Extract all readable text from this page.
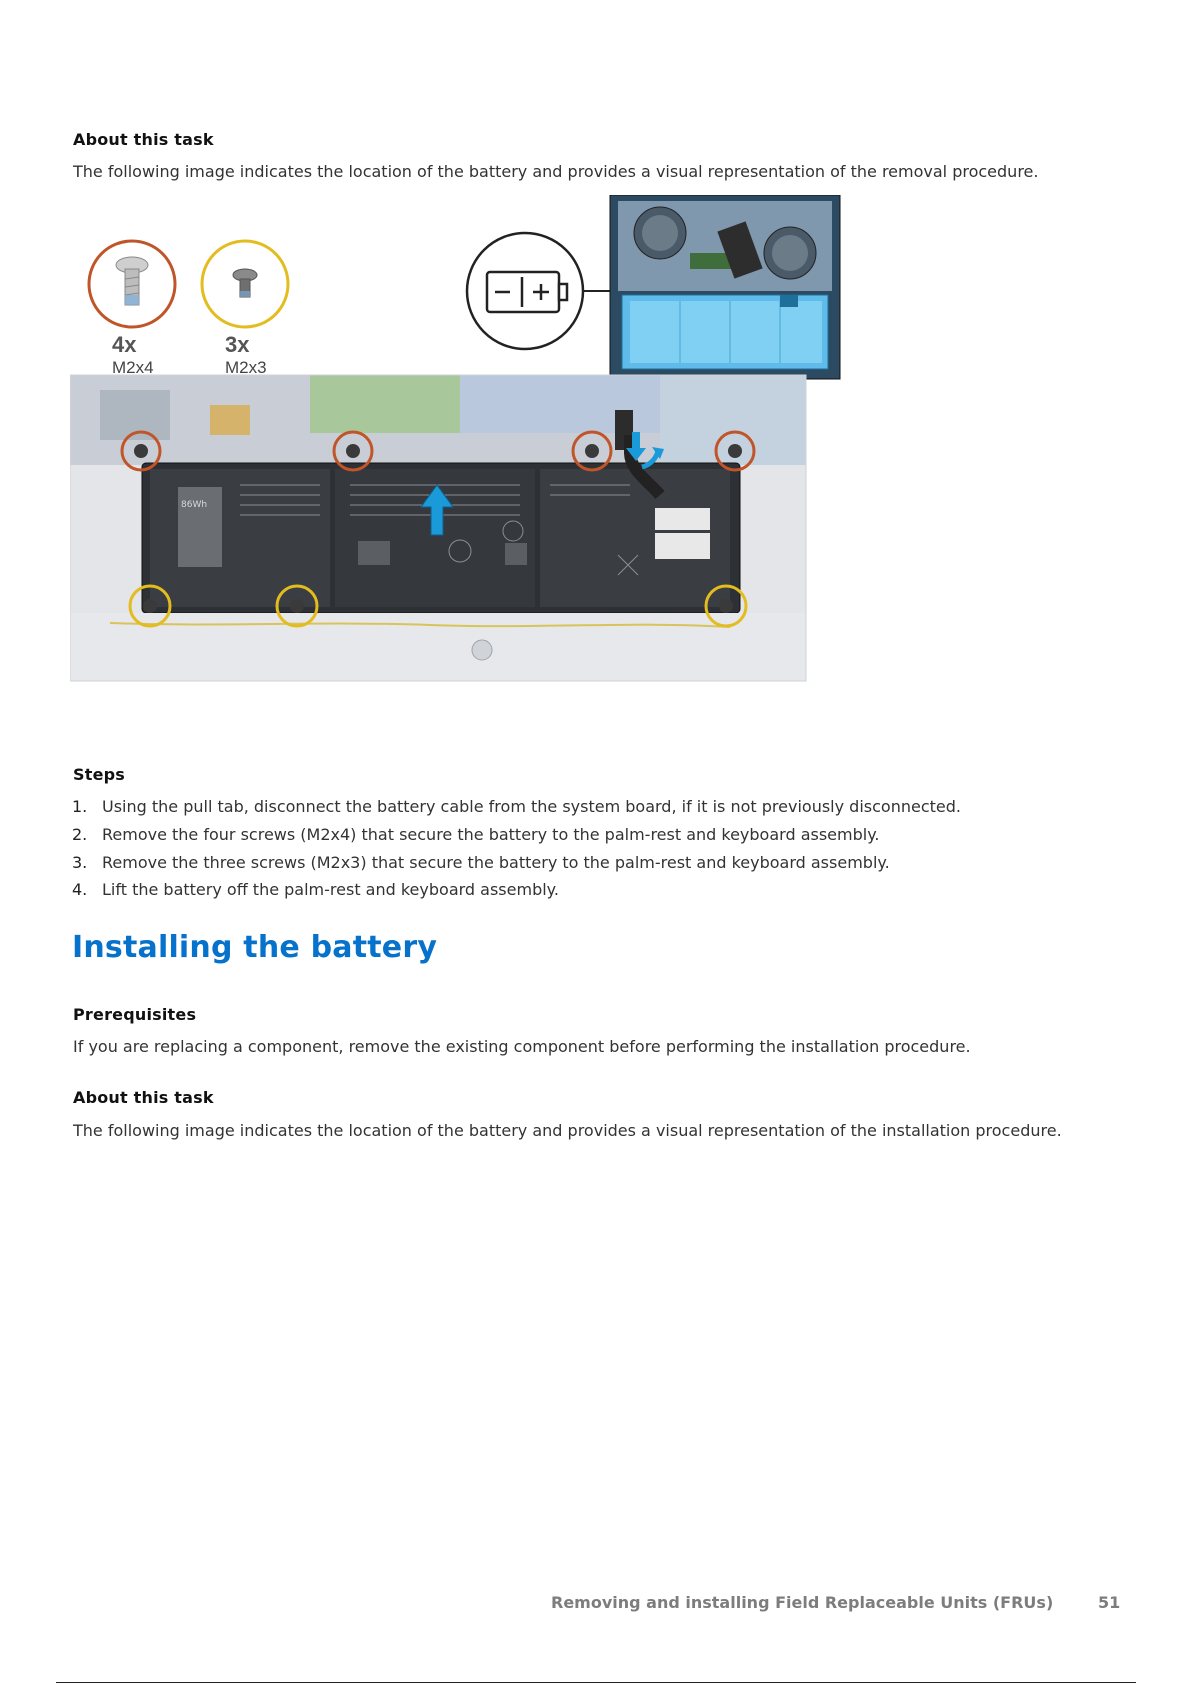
About this task
The following image indicates the location of the battery and provides a visual representation of the removal procedure.
86Wh
4x
M2x4
3x
M2x3
Steps
1. Using the pull tab, disconnect the battery cable from the system board, if it is not previously disconnected.
2. Remove the four screws (M2x4) that secure the battery to the palm-rest and keyboard assembly.
3. Remove the three screws (M2x3) that secure the battery to the palm-rest and keyboard assembly.
4. Lift the battery off the palm-rest and keyboard assembly.
Installing the battery
Prerequisites
If you are replacing a component, remove the existing component before performing the installation procedure.
About this task
The following image indicates the location of the battery and provides a visual representation of the installation procedure.
Removing and installing Field Replaceable Units (FRUs)	51
